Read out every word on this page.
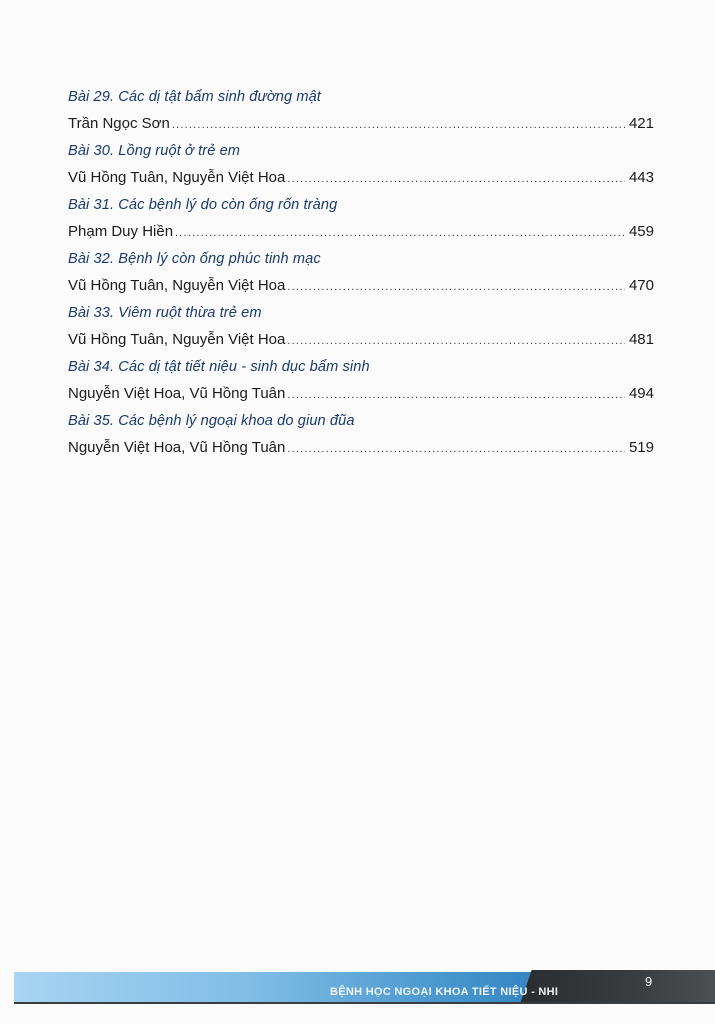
Bài 29. Các dị tật bẩm sinh đường mật
Trần Ngọc Sơn .....	421
Bài 30. Lồng ruột ở trẻ em
Vũ Hồng Tuân, Nguyễn Việt Hoa .....	443
Bài 31. Các bệnh lý do còn ống rốn tràng
Phạm Duy Hiền .....	459
Bài 32. Bệnh lý còn ống phúc tinh mạc
Vũ Hồng Tuân, Nguyễn Việt Hoa .....	470
Bài 33. Viêm ruột thừa trẻ em
Vũ Hồng Tuân, Nguyễn Việt Hoa .....	481
Bài 34. Các dị tật tiết niệu - sinh dục bẩm sinh
Nguyễn Việt Hoa, Vũ Hồng Tuân .....	494
Bài 35. Các bệnh lý ngoại khoa do giun đũa
Nguyễn Việt Hoa, Vũ Hồng Tuân .....	519
BỆNH HỌC NGOẠI KHOA TIẾT NIỆU - NHI
9
